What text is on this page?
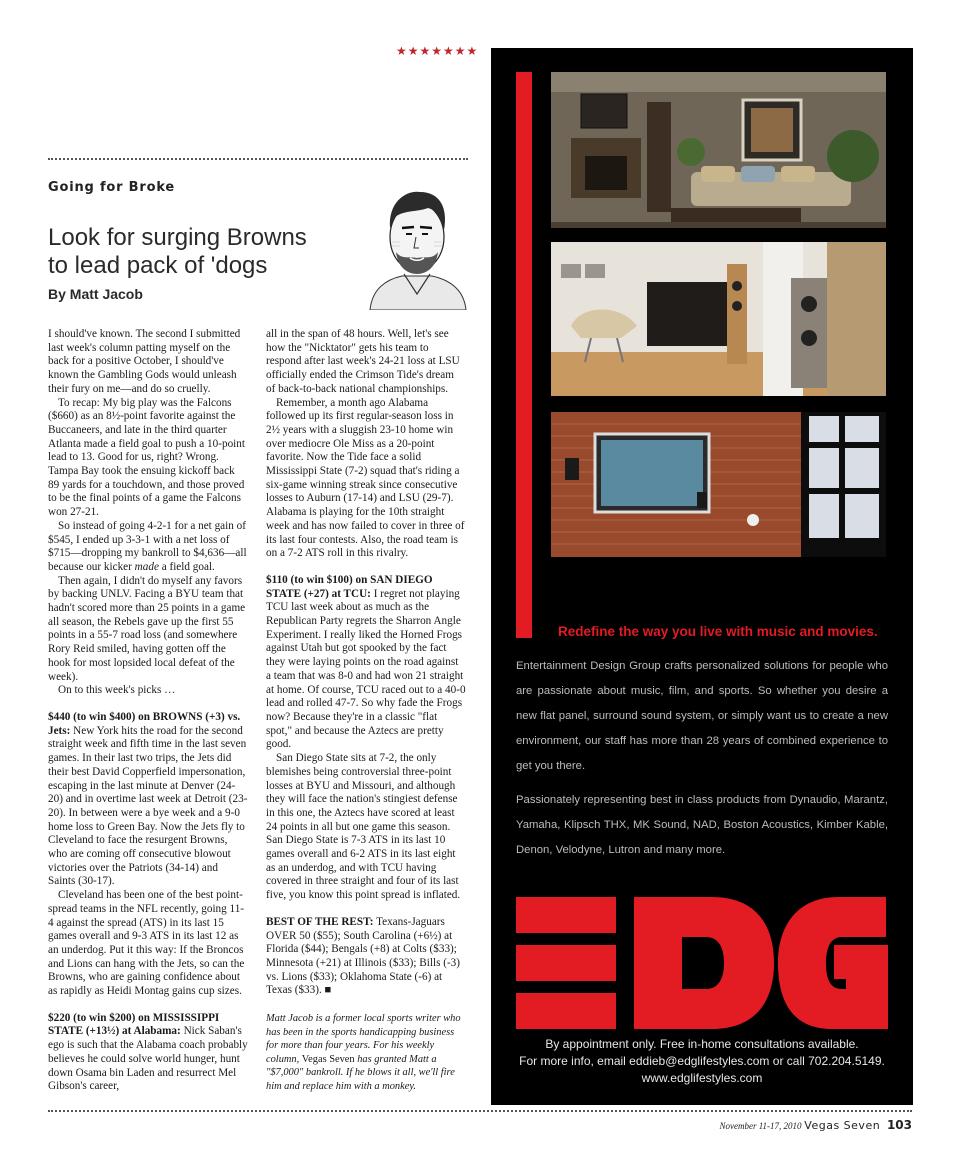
★★★★★★★
Going for Broke
Look for surging Browns
to lead pack of 'dogs
By Matt Jacob

I should've known. The second I submitted last week's column patting myself on the back for a positive October, I should've known the Gambling Gods would unleash their fury on me—and do so cruelly.

To recap: My big play was the Falcons ($660) as an 8½-point favorite against the Buccaneers, and late in the third quarter Atlanta made a field goal to push a 10-point lead to 13. Good for us, right? Wrong. Tampa Bay took the ensuing kickoff back 89 yards for a touchdown, and those proved to be the final points of a game the Falcons won 27-21.

So instead of going 4-2-1 for a net gain of $545, I ended up 3-3-1 with a net loss of $715—dropping my bankroll to $4,636—all because our kicker made a field goal.

Then again, I didn't do myself any favors by backing UNLV. Facing a BYU team that hadn't scored more than 25 points in a game all season, the Rebels gave up the first 55 points in a 55-7 road loss (and somewhere Rory Reid smiled, having gotten off the hook for most lopsided local defeat of the week).

On to this week's picks …

$440 (to win $400) on BROWNS (+3) vs. Jets: New York hits the road for the second straight week and fifth time in the last seven games. In their last two trips, the Jets did their best David Copperfield impersonation, escaping in the last minute at Denver (24-20) and in overtime last week at Detroit (23-20). In between were a bye week and a 9-0 home loss to Green Bay. Now the Jets fly to Cleveland to face the resurgent Browns, who are coming off consecutive blowout victories over the Patriots (34-14) and Saints (30-17).

Cleveland has been one of the best point-spread teams in the NFL recently, going 11-4 against the spread (ATS) in its last 15 games overall and 9-3 ATS in its last 12 as an underdog. Put it this way: If the Broncos and Lions can hang with the Jets, so can the Browns, who are gaining confidence about as rapidly as Heidi Montag gains cup sizes.

$220 (to win $200) on MISSISSIPPI STATE (+13½) at Alabama: Nick Saban's ego is such that the Alabama coach probably believes he could solve world hunger, hunt down Osama bin Laden and resurrect Mel Gibson's career,

all in the span of 48 hours. Well, let's see how the "Nicktator" gets his team to respond after last week's 24-21 loss at LSU officially ended the Crimson Tide's dream of back-to-back national championships.

Remember, a month ago Alabama followed up its first regular-season loss in 2½ years with a sluggish 23-10 home win over mediocre Ole Miss as a 20-point favorite. Now the Tide face a solid Mississippi State (7-2) squad that's riding a six-game winning streak since consecutive losses to Auburn (17-14) and LSU (29-7). Alabama is playing for the 10th straight week and has now failed to cover in three of its last four contests. Also, the road team is on a 7-2 ATS roll in this rivalry.

$110 (to win $100) on SAN DIEGO STATE (+27) at TCU: I regret not playing TCU last week about as much as the Republican Party regrets the Sharron Angle Experiment. I really liked the Horned Frogs against Utah but got spooked by the fact they were laying points on the road against a team that was 8-0 and had won 21 straight at home. Of course, TCU raced out to a 40-0 lead and rolled 47-7. So why fade the Frogs now? Because they're in a classic "flat spot," and because the Aztecs are pretty good.

San Diego State sits at 7-2, the only blemishes being controversial three-point losses at BYU and Missouri, and although they will face the nation's stingiest defense in this one, the Aztecs have scored at least 24 points in all but one game this season. San Diego State is 7-3 ATS in its last 10 games overall and 6-2 ATS in its last eight as an underdog, and with TCU having covered in three straight and four of its last five, you know this point spread is inflated.

BEST OF THE REST: Texans-Jaguars OVER 50 ($55); South Carolina (+6½) at Florida ($44); Bengals (+8) at Colts ($33); Minnesota (+21) at Illinois ($33); Bills (-3) vs. Lions ($33); Oklahoma State (-6) at Texas ($33). ■

Matt Jacob is a former local sports writer who has been in the sports handicapping business for more than four years. For his weekly column, Vegas Seven has granted Matt a "$7,000" bankroll. If he blows it all, we'll fire him and replace him with a monkey.

Redefine the way you live with music and movies.
Entertainment Design Group crafts personalized solutions for people who are passionate about music, film, and sports. So whether you desire a new flat panel, surround sound system, or simply want us to create a new environment, our staff has more than 28 years of combined experience to get you there.
Passionately representing best in class products from Dynaudio, Marantz, Yamaha, Klipsch THX, MK Sound, NAD, Boston Acoustics, Kimber Kable, Denon, Velodyne, Lutron and many more.
By appointment only. Free in-home consultations available.
For more info, email eddieb@edglifestyles.com or call 702.204.5149.
www.edglifestyles.com
November 11-17, 2010 Vegas Seven 103
